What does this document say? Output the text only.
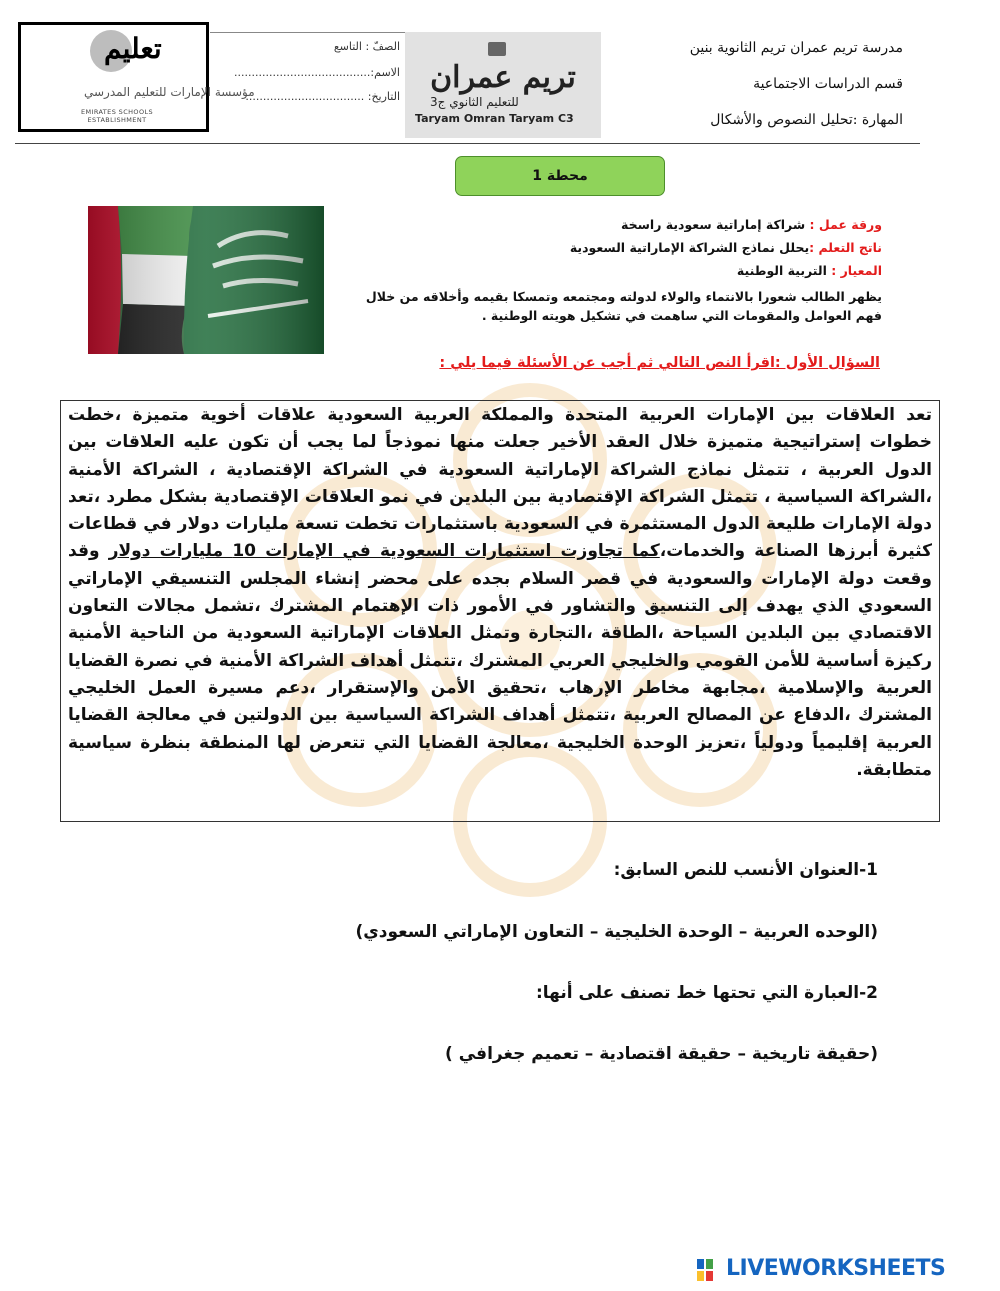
تعليم
مؤسسة الإمارات للتعليم المدرسي
EMIRATES SCHOOLS ESTABLISHMENT
الصفّ : التاسع
الاسم:.......................................
التاريخ: ..................................
تريم عمران
للتعليم الثانوي ج3
Taryam Omran Taryam C3
مدرسة تريم عمران تريم الثانوية بنين
قسم الدراسات الاجتماعية
المهارة :تحليل النصوص والأشكال
محطة 1
ورقة عمل : شراكة إماراتية سعودية راسخة
ناتج التعلم :يحلل نماذج الشراكة الإماراتية السعودية
المعيار : التربية الوطنية
يظهر الطالب شعورا بالانتماء والولاء لدولته ومجتمعه وتمسكا بقيمه وأخلاقه من خلال فهم العوامل والمقومات التي ساهمت في تشكيل هويته الوطنية .
السؤال الأول :اقرأ النص التالي ثم أجب عن الأسئلة فيما يلي :
تعد العلاقات بين الإمارات العربية المتحدة والمملكة العربية السعودية علاقات أخوية متميزة ،خطت خطوات إستراتيجية متميزة خلال العقد الأخير جعلت منها نموذجاً لما يجب أن تكون عليه العلاقات بين الدول العربية ، تتمثل نماذج الشراكة الإماراتية السعودية في الشراكة الإقتصادية ، الشراكة الأمنية ،الشراكة السياسية ، تتمثل الشراكة الإقتصادية بين البلدين في نمو العلاقات الإقتصادية بشكل مطرد ،تعد دولة الإمارات طليعة الدول المستثمرة في السعودية باستثمارات تخطت تسعة مليارات دولار في قطاعات كثيرة أبرزها الصناعة والخدمات،كما تجاوزت استثمارات السعودية في الإمارات 10 مليارات دولار وقد وقعت دولة الإمارات والسعودية في قصر السلام بجده على محضر إنشاء المجلس التنسيقي الإماراتي السعودي الذي يهدف إلى التنسيق والتشاور في الأمور ذات الإهتمام المشترك ،تشمل مجالات التعاون الاقتصادي بين البلدين السياحة ،الطاقة ،التجارة وتمثل العلاقات الإماراتية السعودية من الناحية الأمنية ركيزة أساسية للأمن القومي والخليجي العربي المشترك ،تتمثل أهداف الشراكة الأمنية في نصرة القضايا العربية والإسلامية ،مجابهة مخاطر الإرهاب ،تحقيق الأمن والإستقرار ،دعم مسيرة العمل الخليجي المشترك ،الدفاع عن المصالح العربية ،تتمثل أهداف الشراكة السياسية بين الدولتين في معالجة القضايا العربية إقليمياً ودولياً ،تعزيز الوحدة الخليجية ،معالجة القضايا التي تتعرض لها المنطقة بنظرة سياسية متطابقة.
1-العنوان الأنسب للنص السابق:
(الوحده العربية – الوحدة الخليجية – التعاون الإماراتي السعودي)
2-العبارة التي تحتها خط تصنف على أنها:
(حقيقة تاريخية – حقيقة اقتصادية – تعميم جغرافي )
LIVEWORKSHEETS
